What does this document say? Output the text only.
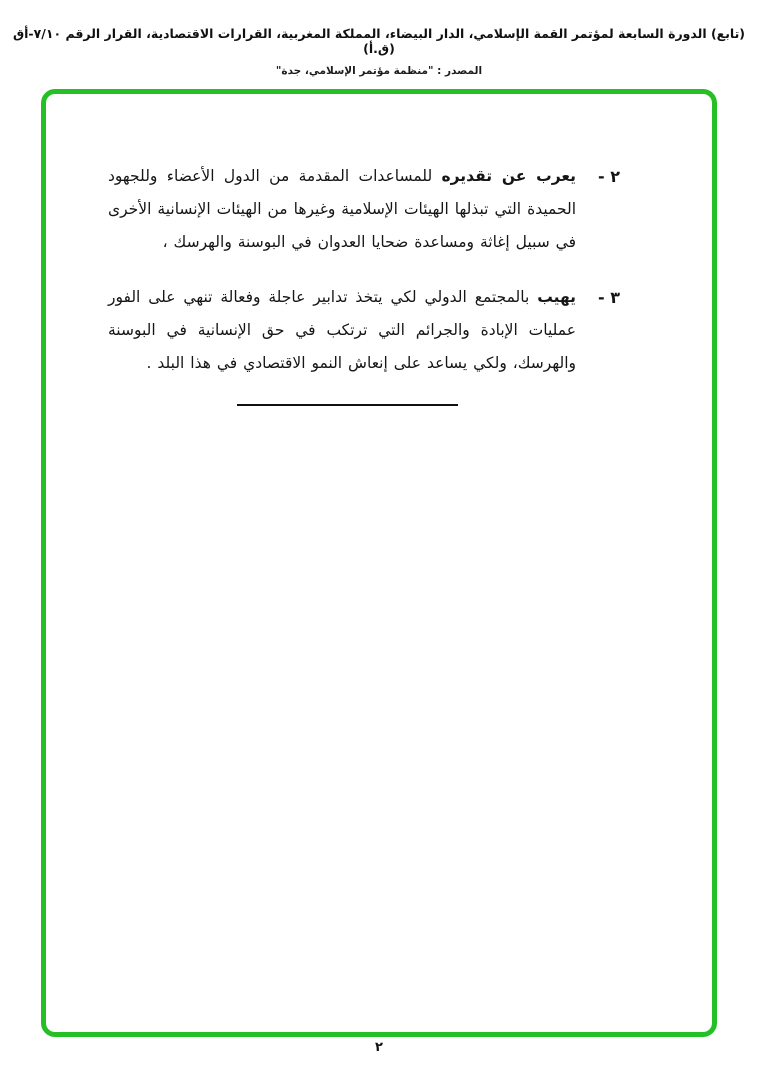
(تابع) الدورة السابعة لمؤتمر القمة الإسلامي، الدار البيضاء، المملكة المغربية، القرارات الاقتصادية، القرار الرقم ٧/١٠-أق (ق.أ)
المصدر : "منظمة مؤتمر الإسلامي، جدة"
٢ -
يعرب عن تقديره للمساعدات المقدمة من الدول الأعضاء وللجهود الحميدة التي تبذلها الهيئات الإسلامية وغيرها من الهيئات الإنسانية الأخرى في سبيل إغاثة ومساعدة ضحايا العدوان في البوسنة والهرسك ،
٣ -
يهيب بالمجتمع الدولي لكي يتخذ تدابير عاجلة وفعالة تنهي على الفور عمليات الإبادة والجرائم التي ترتكب في حق الإنسانية في البوسنة والهرسك، ولكي يساعد على إنعاش النمو الاقتصادي في هذا البلد .
٢
